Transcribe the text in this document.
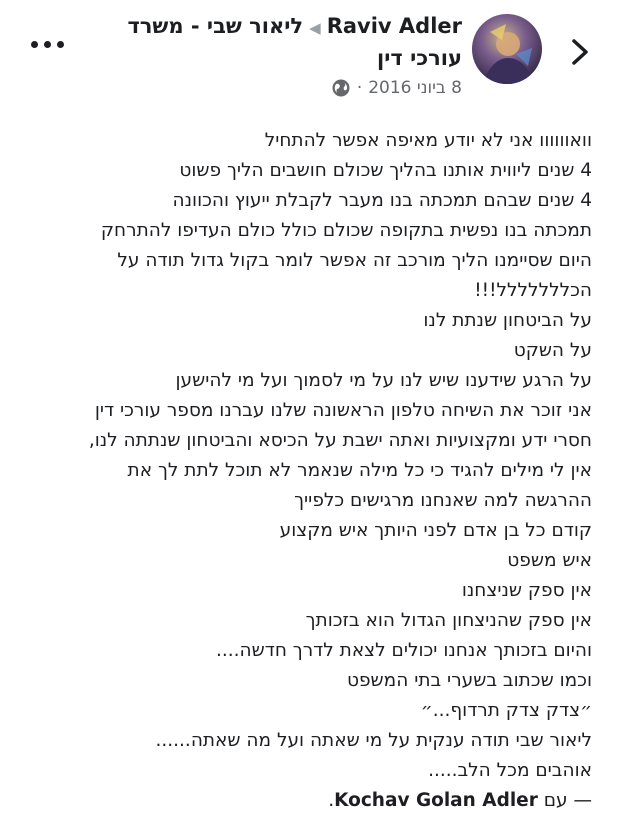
Raviv Adler◀ליאור שבי - משרד
עורכי דין
8 ביוני 2016
·
וואוווווו אני לא יודע מאיפה אפשר להתחיל
4 שנים ליווית אותנו בהליך שכולם חושבים הליך פשוט
4 שנים שבהם תמכתה בנו מעבר לקבלת ייעוץ והכוונה
תמכתה בנו נפשית בתקופה שכולם כולל כולם העדיפו להתרחק
היום שסיימנו הליך מורכב זה אפשר לומר בקול גדול תודה על
הכללללללל!!!
על הביטחון שנתת לנו
על השקט
על הרגע שידענו שיש לנו על מי לסמוך ועל מי להישען
אני זוכר את השיחה טלפון הראשונה שלנו עברנו מספר עורכי דין
חסרי ידע ומקצועיות ואתה ישבת על הכיסא והביטחון שנתתה לנו,
אין לי מילים להגיד כי כל מילה שנאמר לא תוכל לתת לך את
ההרגשה למה שאנחנו מרגישים כלפייך
קודם כל בן אדם לפני היותך איש מקצוע
איש משפט
אין ספק שניצחנו
אין ספק שהניצחון הגדול הוא בזכותך
והיום בזכותך אנחנו יכולים לצאת לדרך חדשה....
וכמו שכתוב בשערי בתי המשפט
״צדק צדק תרדוף...״
ליאור שבי תודה ענקית על מי שאתה ועל מה שאתה......
אוהבים מכל הלב.....
— עם Kochav Golan Adler.
